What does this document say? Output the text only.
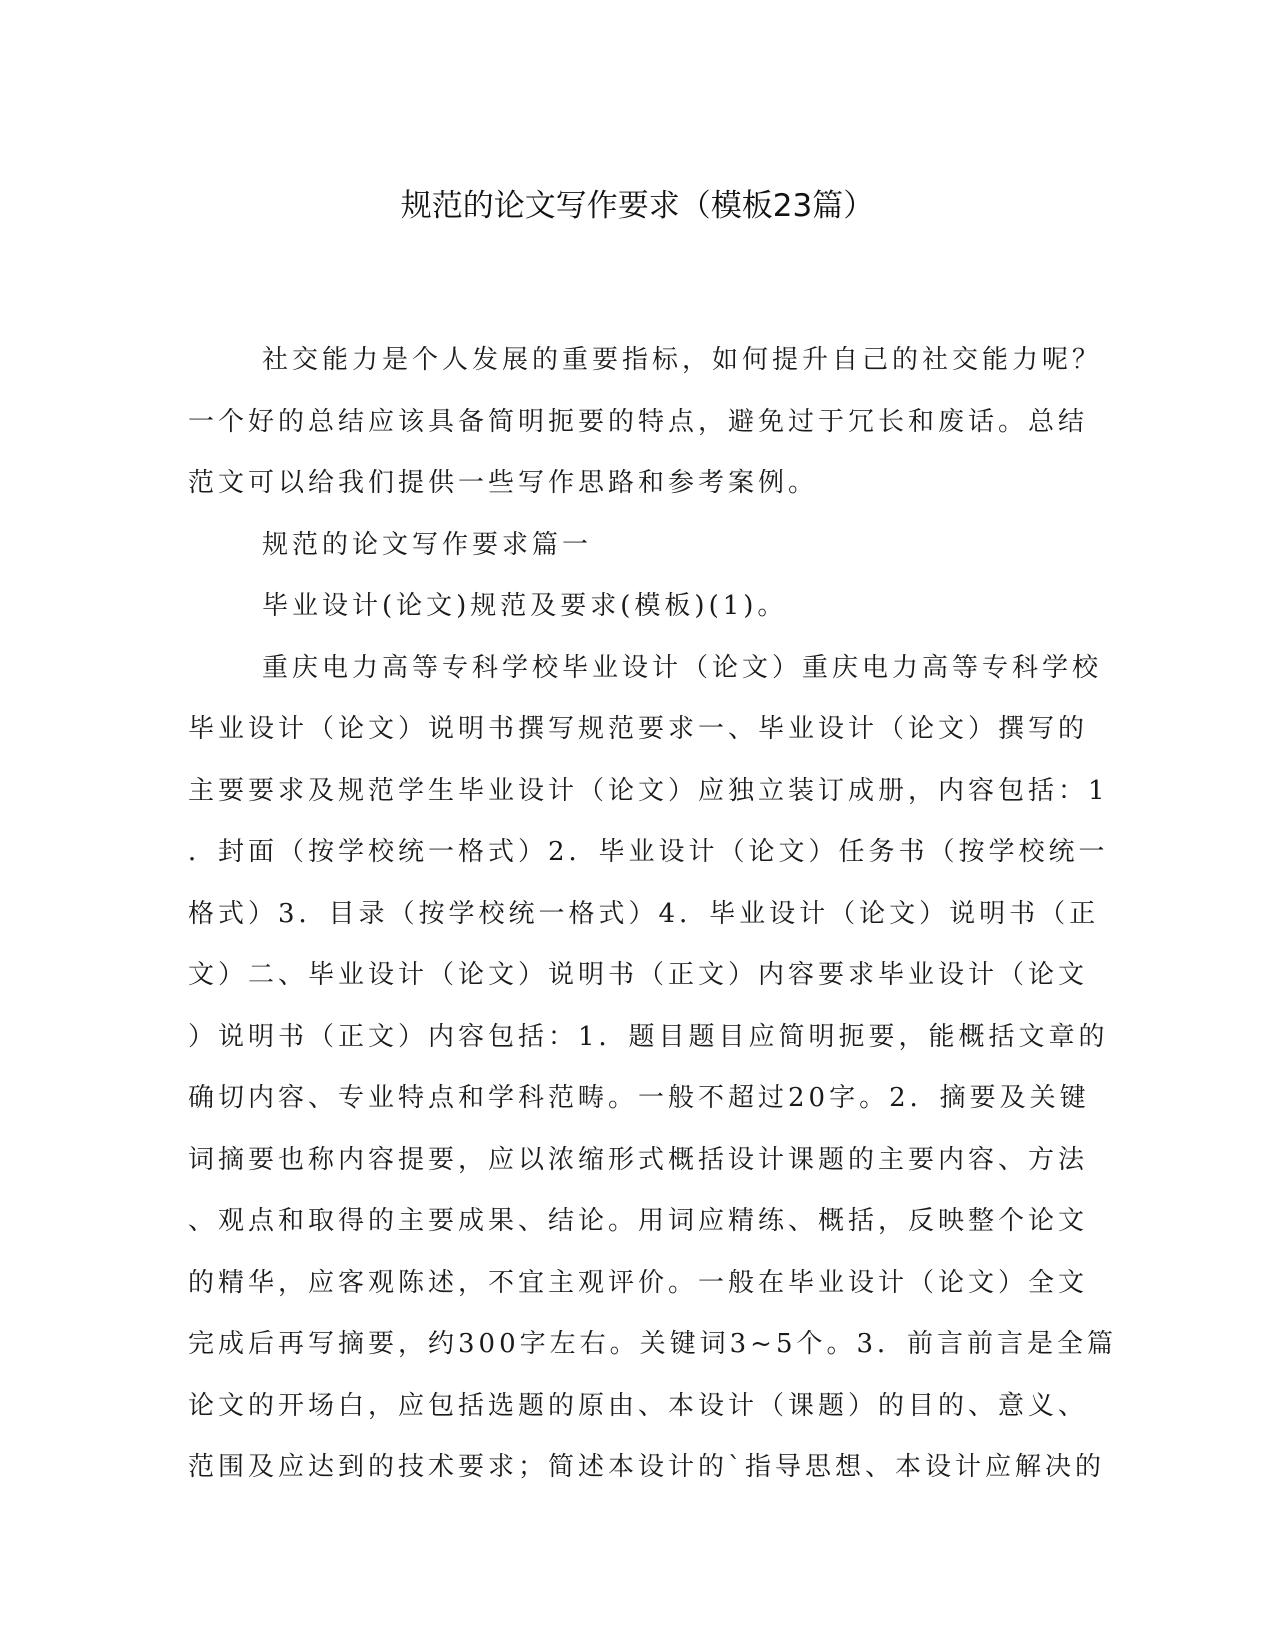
规范的论文写作要求（模板23篇）
社交能力是个人发展的重要指标，如何提升自己的社交能力呢？
一个好的总结应该具备简明扼要的特点，避免过于冗长和废话。总结
范文可以给我们提供一些写作思路和参考案例。
规范的论文写作要求篇一
毕业设计(论文)规范及要求(模板)(1)。
重庆电力高等专科学校毕业设计（论文）重庆电力高等专科学校
毕业设计（论文）说明书撰写规范要求一、毕业设计（论文）撰写的
主要要求及规范学生毕业设计（论文）应独立装订成册，内容包括：1
．封面（按学校统一格式）2．毕业设计（论文）任务书（按学校统一
格式）3．目录（按学校统一格式）4．毕业设计（论文）说明书（正
文）二、毕业设计（论文）说明书（正文）内容要求毕业设计（论文
）说明书（正文）内容包括：1．题目题目应简明扼要，能概括文章的
确切内容、专业特点和学科范畴。一般不超过20字。2．摘要及关键
词摘要也称内容提要，应以浓缩形式概括设计课题的主要内容、方法
、观点和取得的主要成果、结论。用词应精练、概括，反映整个论文
的精华，应客观陈述，不宜主观评价。一般在毕业设计（论文）全文
完成后再写摘要，约300字左右。关键词3~5个。3．前言前言是全篇
论文的开场白，应包括选题的原由、本设计（课题）的目的、意义、
范围及应达到的技术要求；简述本设计的`指导思想、本设计应解决的
